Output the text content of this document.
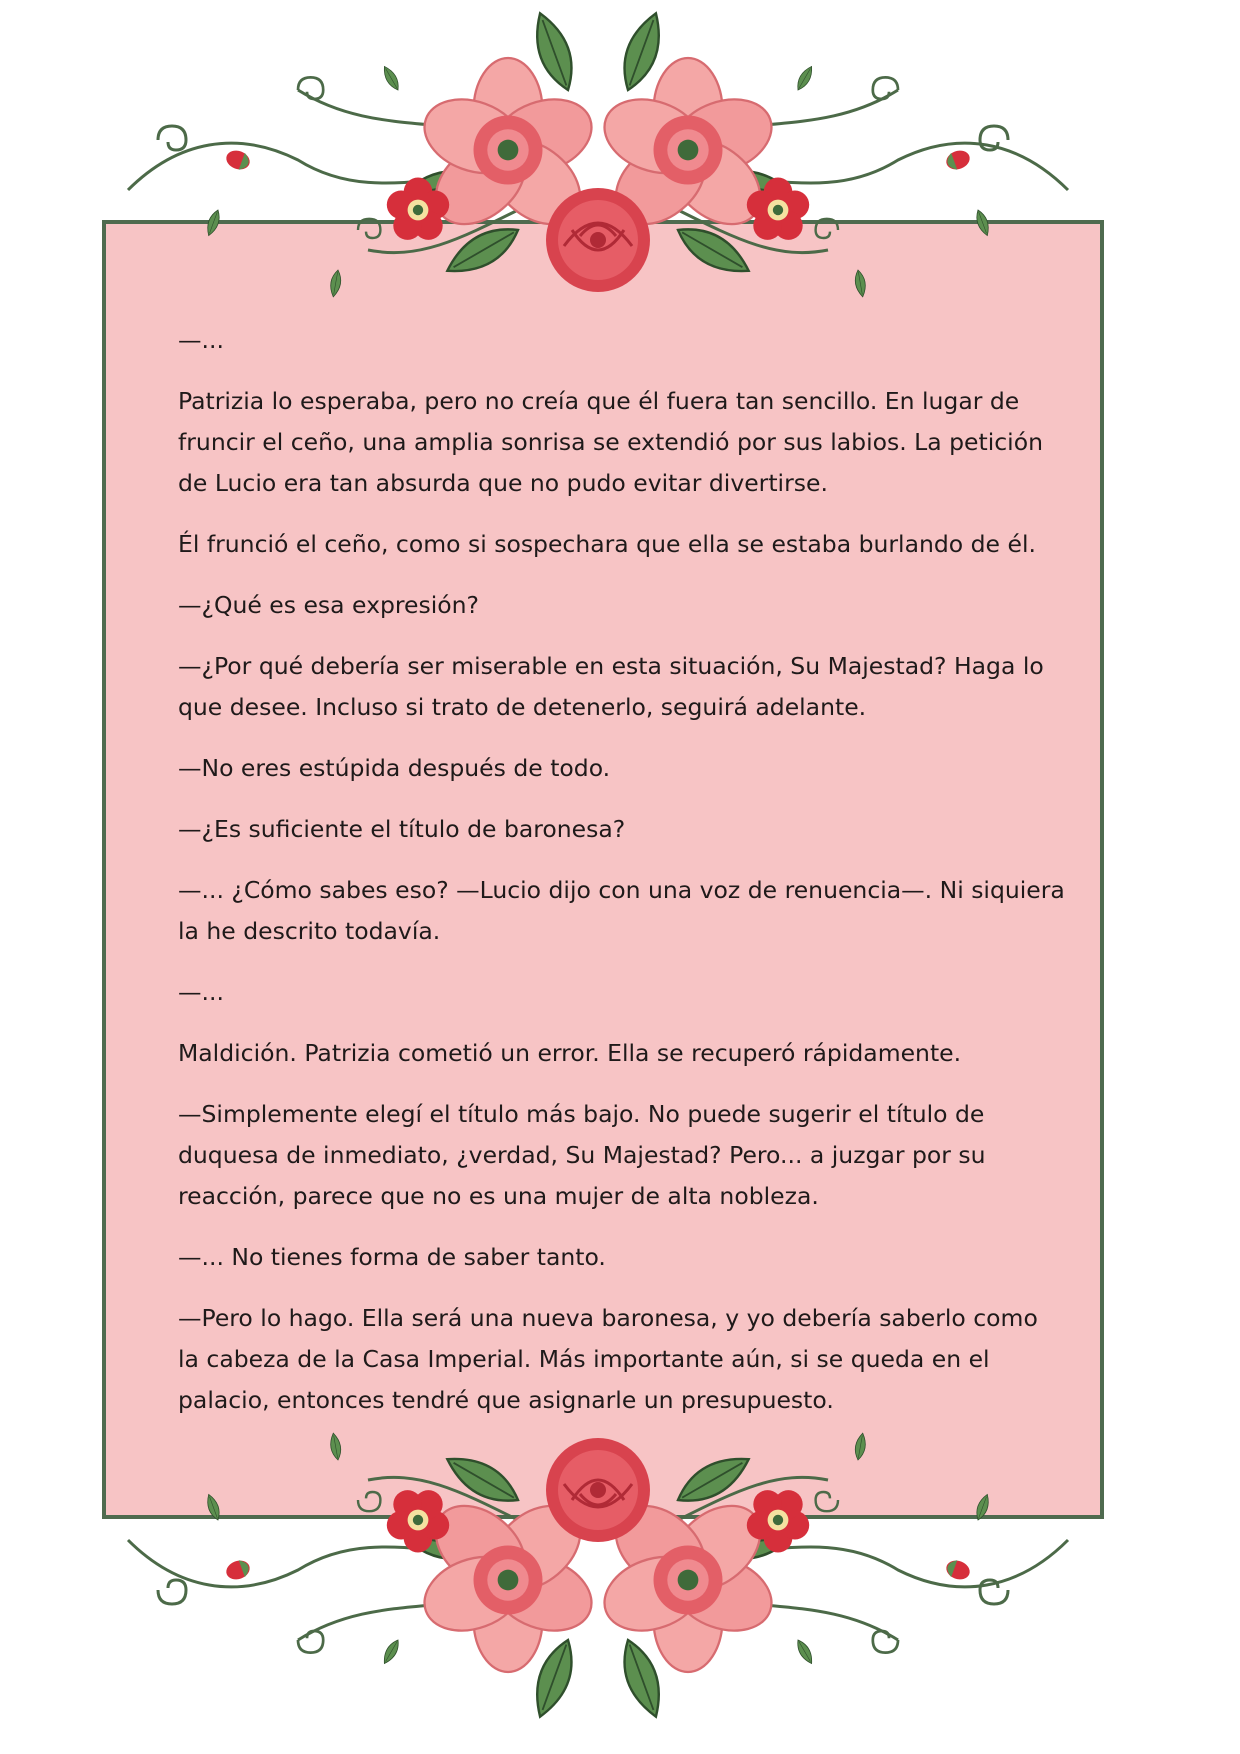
—...

Patrizia lo esperaba, pero no creía que él fuera tan sencillo. En lugar de fruncir el ceño, una amplia sonrisa se extendió por sus labios. La petición de Lucio era tan absurda que no pudo evitar divertirse.

Él frunció el ceño, como si sospechara que ella se estaba burlando de él.

—¿Qué es esa expresión?

—¿Por qué debería ser miserable en esta situación, Su Majestad? Haga lo que desee. Incluso si trato de detenerlo, seguirá adelante.

—No eres estúpida después de todo.

—¿Es suficiente el título de baronesa?

—... ¿Cómo sabes eso? —Lucio dijo con una voz de renuencia—. Ni siquiera la he descrito todavía.

—...

Maldición. Patrizia cometió un error. Ella se recuperó rápidamente.

—Simplemente elegí el título más bajo. No puede sugerir el título de duquesa de inmediato, ¿verdad, Su Majestad? Pero... a juzgar por su reacción, parece que no es una mujer de alta nobleza.

—... No tienes forma de saber tanto.

—Pero lo hago. Ella será una nueva baronesa, y yo debería saberlo como la cabeza de la Casa Imperial. Más importante aún, si se queda en el palacio, entonces tendré que asignarle un presupuesto.
